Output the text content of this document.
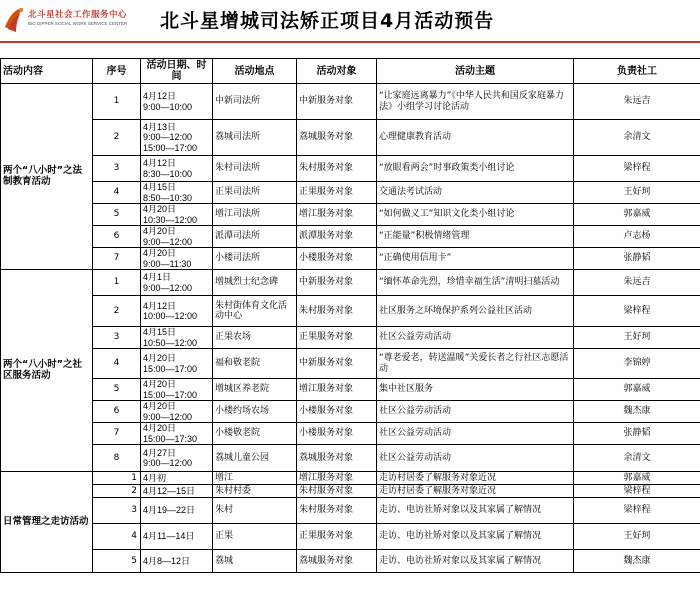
北斗星社会工作服务中心
BIG DIPPER SOCIAL WORK SERVICE CENTER 北斗星增城司法矫正项目4月活动预告
活动内容	序号	活动日期、时间	活动地点	活动对象	活动主题	负责社工
两个“八小时”之法制教育活动	1	4月12日
9:00—10:00	中新司法所	中新服务对象	“让家庭远离暴力”《中华人民共和国反家庭暴力法》小组学习讨论活动	朱远吉
	2	4月13日
9:00—12:00
15:00—17:00	荔城司法所	荔城服务对象	心理健康教育活动	余清文
	3	4月12日
8:30—10:00	朱村司法所	朱村服务对象	“放眼看两会”时事政策类小组讨论	梁梓程
	4	4月15日
8:50—10:30	正果司法所	正果服务对象	交通法考试活动	王好珂
	5	4月20日
10:30—12:00	增江司法所	增江服务对象	“如何做义工”知识文化类小组讨论	郭嘉威
	6	4月20日
9:00—12:00	派潭司法所	派潭服务对象	“正能量”积极情绪管理	卢志杨
	7	4月20日
9:00—11:30	小楼司法所	小楼服务对象	“正确使用信用卡”	张静韬
两个“八小时”之社区服务活动	1	4月1日
9:00—12:00	增城烈士纪念碑	中新服务对象	“缅怀革命先烈，珍惜幸福生活”清明扫墓活动	朱远吉
	2	4月12日
10:00—12:00	朱村街体育文化活动中心	朱村服务对象	社区服务之环境保护系列公益社区活动	梁梓程
	3	4月15日
10:50—12:00	正果农场	正果服务对象	社区公益劳动活动	王好珂
	4	4月20日
15:00—17:00	福和敬老院	中新服务对象	“尊老爱老，转送温暖”关爱长者之行社区志愿活动	李锦婷
	5	4月20日
15:00—17:00	增城区养老院	增江服务对象	集中社区服务	郭嘉威
	6	4月20日
9:00—12:00	小楼约场农场	小楼服务对象	社区公益劳动活动	魏杰康
	7	4月20日
15:00—17:30	小楼敬老院	小楼服务对象	社区公益劳动活动	张静韬
	8	4月27日
9:00—12:00	荔城儿童公园	荔城服务对象	社区公益劳动活动	余清文
日常管理之走访活动	1	4月初	增江	增江服务对象	走访村居委了解服务对象近况	郭嘉威
	2	4月12—15日	朱村村委	朱村服务对象	走访村居委了解服务对象近况	梁梓程
	3	4月19—22日	朱村	朱村服务对象	走访、电访社矫对象以及其家属了解情况	梁梓程
	4	4月11—14日	正果	正果服务对象	走访、电访社矫对象以及其家属了解情况	王好珂
	5	4月8—12日	荔城	荔城服务对象	走访、电访社矫对象以及其家属了解情况	魏杰康
